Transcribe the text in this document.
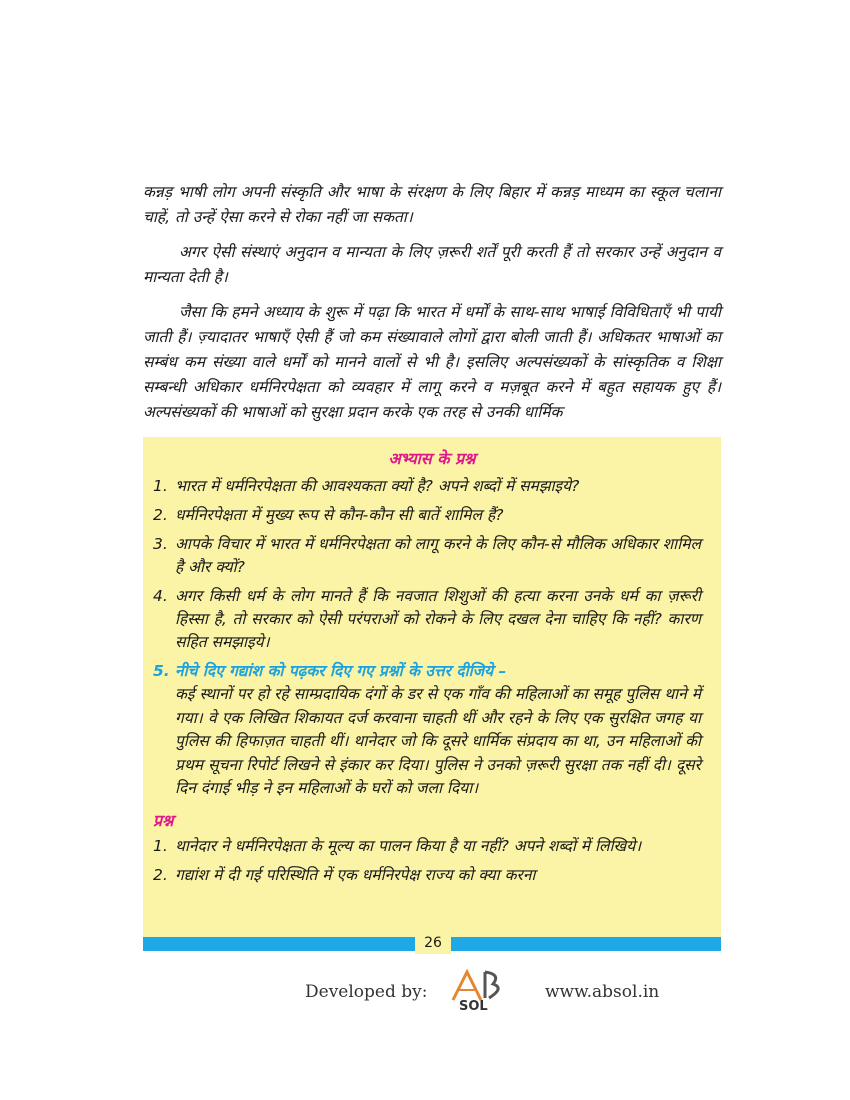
कन्नड़ भाषी लोग अपनी संस्कृति और भाषा के संरक्षण के लिए बिहार में कन्नड़ माध्यम का स्कूल चलाना चाहें, तो उन्हें ऐसा करने से रोका नहीं जा सकता।

अगर ऐसी संस्थाएं अनुदान व मान्यता के लिए ज़रूरी शर्तें पूरी करती हैं तो सरकार उन्हें अनुदान व मान्यता देती है।

जैसा कि हमने अध्याय के शुरू में पढ़ा कि भारत में धर्मों के साथ-साथ भाषाई विविधिताएँ भी पायी जाती हैं। ज़्यादातर भाषाएँ ऐसी हैं जो कम संख्यावाले लोगों द्वारा बोली जाती हैं। अधिकतर भाषाओं का सम्बंध कम संख्या वाले धर्मों को मानने वालों से भी है। इसलिए अल्पसंख्यकों के सांस्कृतिक व शिक्षा सम्बन्धी अधिकार धर्मनिरपेक्षता को व्यवहार में लागू करने व मज़बूत करने में बहुत सहायक हुए हैं। अल्पसंख्यकों की भाषाओं को सुरक्षा प्रदान करके एक तरह से उनकी धार्मिक

अभ्यास के प्रश्न
1. भारत में धर्मनिरपेक्षता की आवश्यकता क्यों है? अपने शब्दों में समझाइये?
2. धर्मनिरपेक्षता में मुख्य रूप से कौन-कौन सी बातें शामिल हैं?
3. आपके विचार में भारत में धर्मनिरपेक्षता को लागू करने के लिए कौन-से मौलिक अधिकार शामिल है और क्यों?
4. अगर किसी धर्म के लोग मानते हैं कि नवजात शिशुओं की हत्या करना उनके धर्म का ज़रूरी हिस्सा है, तो सरकार को ऐसी परंपराओं को रोकने के लिए दखल देना चाहिए कि नहीं? कारण सहित समझाइये।
5. नीचे दिए गद्यांश को पढ़कर दिए गए प्रश्नों के उत्तर दीजिये –
कई स्थानों पर हो रहे साम्प्रदायिक दंगों के डर से एक गाँव की महिलाओं का समूह पुलिस थाने में गया। वे एक लिखित शिकायत दर्ज करवाना चाहती थीं और रहने के लिए एक सुरक्षित जगह या पुलिस की हिफाज़त चाहती थीं। थानेदार जो कि दूसरे धार्मिक संप्रदाय का था, उन महिलाओं की प्रथम सूचना रिपोर्ट लिखने से इंकार कर दिया। पुलिस ने उनको ज़रूरी सुरक्षा तक नहीं दी। दूसरे दिन दंगाई भीड़ ने इन महिलाओं के घरों को जला दिया।
प्रश्न
1. थानेदार ने धर्मनिरपेक्षता के मूल्य का पालन किया है या नहीं? अपने शब्दों में लिखिये।
2. गद्यांश में दी गई परिस्थिति में एक धर्मनिरपेक्ष राज्य को क्या करना
26
Developed by:
SOL
www.absol.in
